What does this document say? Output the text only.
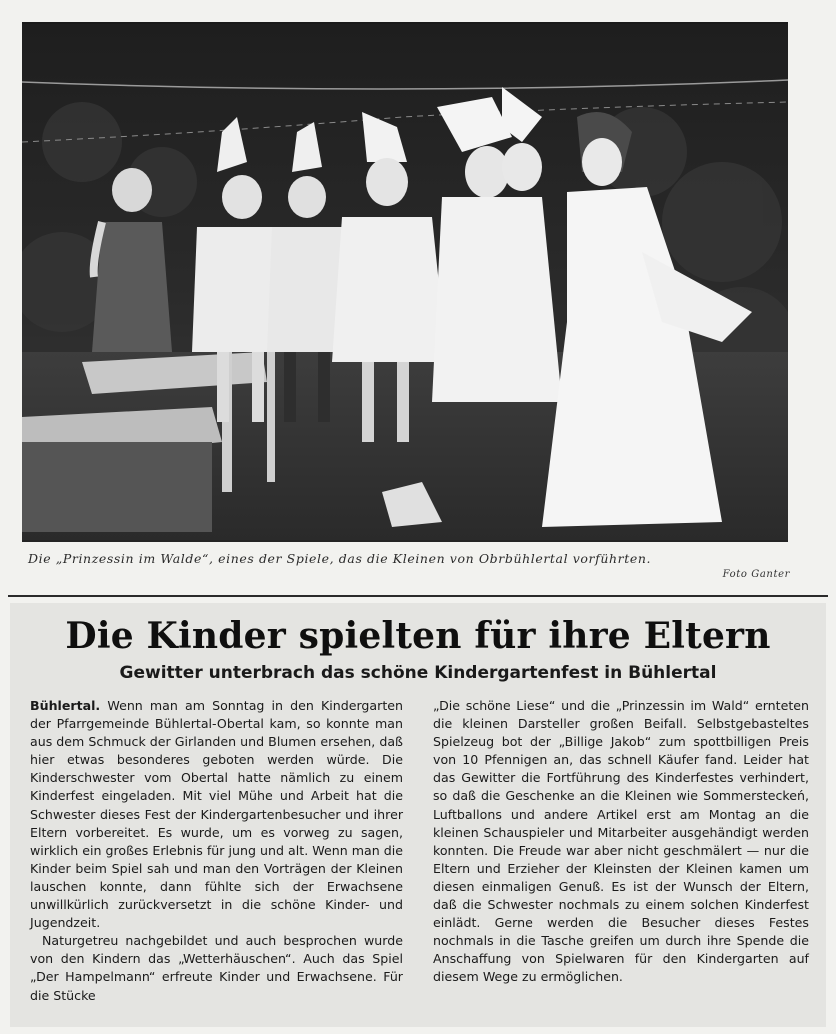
Die „Prinzessin im Walde“, eines der Spiele, das die Kleinen von Obrbühlertal vorführten.
Foto Ganter
Die Kinder spielten für ihre Eltern
Gewitter unterbrach das schöne Kindergartenfest in Bühlertal

Bühlertal. Wenn man am Sonntag in den Kindergarten der Pfarrgemeinde Bühlertal-Obertal kam, so konnte man aus dem Schmuck der Girlanden und Blumen ersehen, daß hier etwas besonderes geboten werden würde. Die Kinderschwester vom Obertal hatte nämlich zu einem Kinderfest eingeladen. Mit viel Mühe und Arbeit hat die Schwester dieses Fest der Kindergartenbesucher und ihrer Eltern vorbereitet. Es wurde, um es vorweg zu sagen, wirklich ein großes Erlebnis für jung und alt. Wenn man die Kinder beim Spiel sah und man den Vorträgen der Kleinen lauschen konnte, dann fühlte sich der Erwachsene unwillkürlich zurückversetzt in die schöne Kinder- und Jugendzeit.

Naturgetreu nachgebildet und auch besprochen wurde von den Kindern das „Wetterhäuschen“. Auch das Spiel „Der Hampelmann“ erfreute Kinder und Erwachsene. Für die Stücke

„Die schöne Liese“ und die „Prinzessin im Wald“ ernteten die kleinen Darsteller großen Beifall. Selbstgebasteltes Spielzeug bot der „Billige Jakob“ zum spottbilligen Preis von 10 Pfennigen an, das schnell Käufer fand. Leider hat das Gewitter die Fortführung des Kinderfestes verhindert, so daß die Geschenke an die Kleinen wie Sommersteckeń, Luftballons und andere Artikel erst am Montag an die kleinen Schauspieler und Mitarbeiter ausgehändigt werden konnten. Die Freude war aber nicht geschmälert — nur die Eltern und Erzieher der Kleinsten der Kleinen kamen um diesen einmaligen Genuß. Es ist der Wunsch der Eltern, daß die Schwester nochmals zu einem solchen Kinderfest einlädt. Gerne werden die Besucher dieses Festes nochmals in die Tasche greifen um durch ihre Spende die Anschaffung von Spielwaren für den Kindergarten auf diesem Wege zu ermöglichen.
